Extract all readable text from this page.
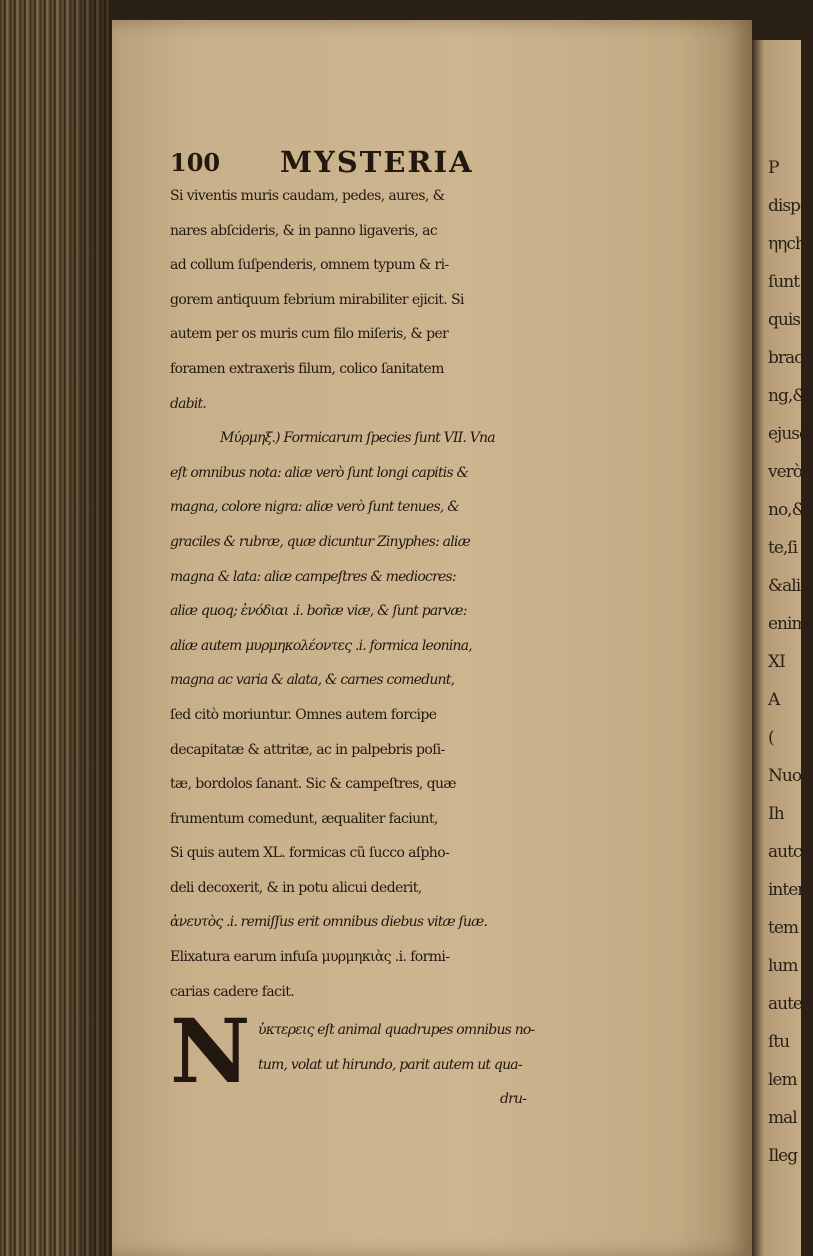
P
dispo
ηηcht
ſunt
quis
brach
ng,&
ejusc
verò
no,&
te,ſi
&ali
enim
XI
A
(
Nuo
Ih
autc
inter
tem
lum
aute
ſtu
lem
mal
Ileg
100 MYSTERIA
Si viventis muris caudam, pedes, aures, &
nares abſcideris, & in panno ligaveris, ac
ad collum ſuſpenderis, omnem typum & ri-
gorem antiquum febrium mirabiliter ejicit. Si
autem per os muris cum filo miſeris, & per
foramen extraxeris filum, colico ſanitatem
dabit.
Μύρμηξ.) Formicarum ſpecies ſunt VII. Vna
eſt omnibus nota: aliæ verò ſunt longi capitis &
magna, colore nigra: aliæ verò ſunt tenues, &
graciles & rubræ, quæ dicuntur Zinyphes: aliæ
magna & lata: aliæ campeſtres & mediocres:
aliæ quoq; ἐνόδιαι .i. boñæ viæ, & ſunt parvæ:
aliæ autem μυρμηκολέοντες .i. formica leonina,
magna ac varia & alata, & carnes comedunt,
ſed citò moriuntur. Omnes autem forcipe
decapitatæ & attritæ, ac in palpebris poſi-
tæ, bordolos ſanant. Sic & campeſtres, quæ
frumentum comedunt, æqualiter faciunt,
Si quis autem XL. formicas cũ ſucco aſpho-
deli decoxerit, & in potu alicui dederit,
ἀνευτὸς .i. remiſſus erit omnibus diebus vitæ ſuæ.
Elixatura earum infuſa μυρμηκιὰς .i. formi-
carias cadere facit.
N ὑκτερεις eſt animal quadrupes omnibus no-
tum, volat ut hirundo, parit autem ut qua-
dru-
